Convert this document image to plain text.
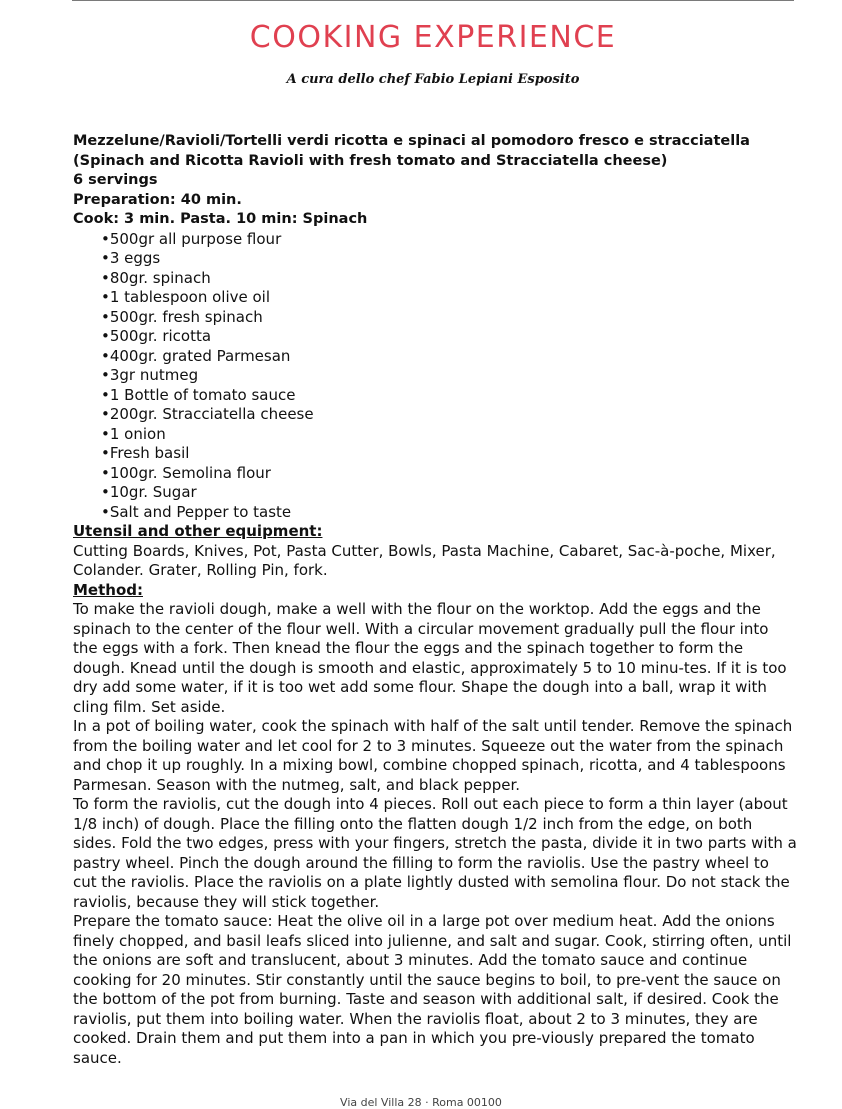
COOKING EXPERIENCE
A cura dello chef Fabio Lepiani Esposito

Mezzelune/Ravioli/Tortelli verdi ricotta e spinaci al pomodoro fresco e stracciatella

(Spinach and Ricotta Ravioli with fresh tomato and Stracciatella cheese)

6 servings

Preparation: 40 min.

Cook: 3 min. Pasta. 10 min: Spinach

•500gr all purpose flour
•3 eggs
•80gr. spinach
•1 tablespoon olive oil
•500gr. fresh spinach
•500gr. ricotta
•400gr. grated Parmesan
•3gr nutmeg
•1 Bottle of tomato sauce
•200gr. Stracciatella cheese
•1 onion
•Fresh basil
•100gr. Semolina flour
•10gr. Sugar
•Salt and Pepper to taste

Utensil and other equipment:

Cutting Boards, Knives, Pot, Pasta Cutter, Bowls, Pasta Machine, Cabaret, Sac-à-poche, Mixer, Colander. Grater, Rolling Pin, fork.

Method:

To make the ravioli dough, make a well with the flour on the worktop. Add the eggs and the spinach to the center of the flour well. With a circular movement gradually pull the flour into the eggs with a fork. Then knead the flour the eggs and the spinach together to form the dough. Knead until the dough is smooth and elastic, approximately 5 to 10 minu-tes. If it is too dry add some water, if it is too wet add some flour. Shape the dough into a ball, wrap it with cling film. Set aside.

In a pot of boiling water, cook the spinach with half of the salt until tender. Remove the spinach from the boiling water and let cool for 2 to 3 minutes. Squeeze out the water from the spinach and chop it up roughly. In a mixing bowl, combine chopped spinach, ricotta, and 4 tablespoons Parmesan. Season with the nutmeg, salt, and black pepper.

To form the raviolis, cut the dough into 4 pieces. Roll out each piece to form a thin layer (about 1/8 inch) of dough. Place the filling onto the flatten dough 1/2 inch from the edge, on both sides. Fold the two edges, press with your fingers, stretch the pasta, divide it in two parts with a pastry wheel. Pinch the dough around the filling to form the raviolis. Use the pastry wheel to cut the raviolis. Place the raviolis on a plate lightly dusted with semolina flour. Do not stack the raviolis, because they will stick together.

Prepare the tomato sauce: Heat the olive oil in a large pot over medium heat. Add the onions finely chopped, and basil leafs sliced into julienne, and salt and sugar. Cook, stirring often, until the onions are soft and translucent, about 3 minutes. Add the tomato sauce and continue cooking for 20 minutes. Stir constantly until the sauce begins to boil, to pre-vent the sauce on the bottom of the pot from burning. Taste and season with additional salt, if desired. Cook the raviolis, put them into boiling water. When the raviolis float, about 2 to 3 minutes, they are cooked. Drain them and put them into a pan in which you pre-viously prepared the tomato sauce.

Via del Villa 28 · Roma 00100
